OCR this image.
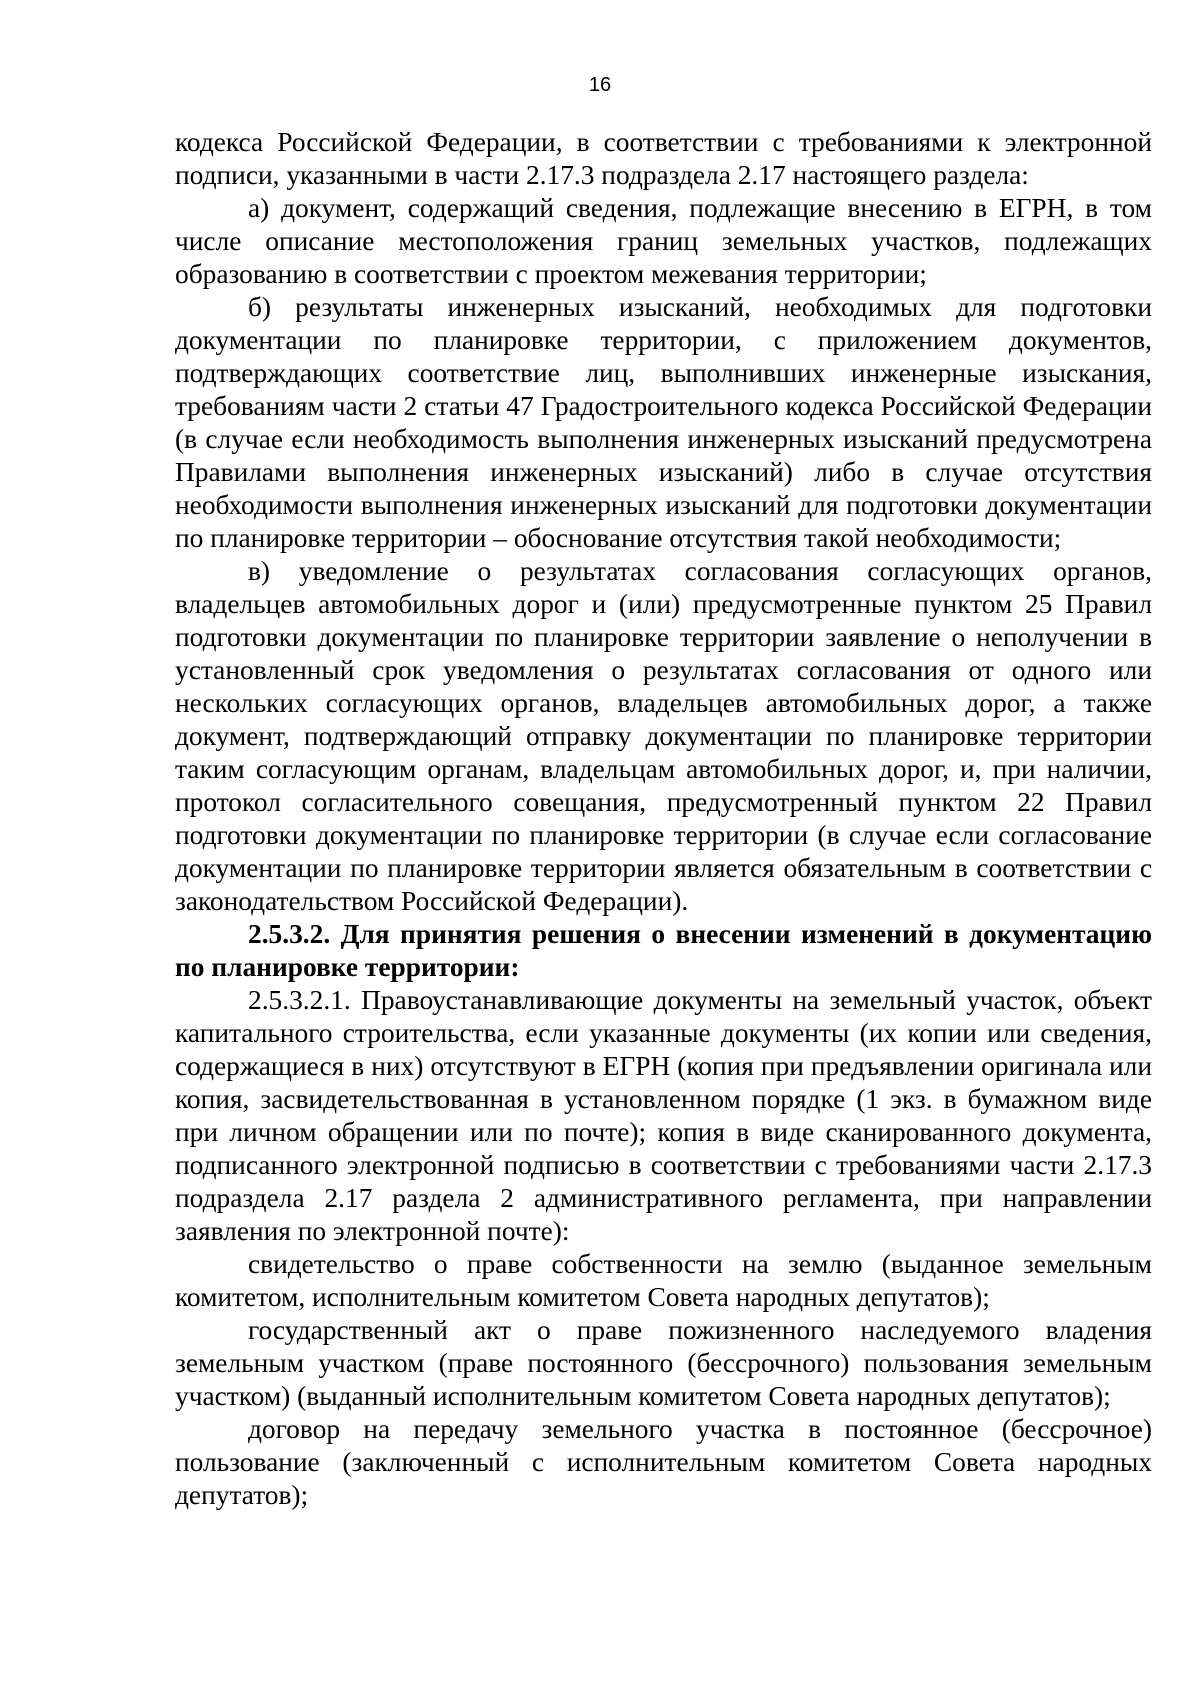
16

кодекса Российской Федерации, в соответствии с требованиями к электронной подписи, указанными в части 2.17.3 подраздела 2.17 настоящего раздела:

а) документ, содержащий сведения, подлежащие внесению в ЕГРН, в том числе описание местоположения границ земельных участков, подлежащих образованию в соответствии с проектом межевания территории;

б) результаты инженерных изысканий, необходимых для подготовки документации по планировке территории, с приложением документов, подтверждающих соответствие лиц, выполнивших инженерные изыскания, требованиям части 2 статьи 47 Градостроительного кодекса Российской Федерации (в случае если необходимость выполнения инженерных изысканий предусмотрена Правилами выполнения инженерных изысканий) либо в случае отсутствия необходимости выполнения инженерных изысканий для подготовки документации по планировке территории – обоснование отсутствия такой необходимости;

в) уведомление о результатах согласования согласующих органов, владельцев автомобильных дорог и (или) предусмотренные пунктом 25 Правил подготовки документации по планировке территории заявление о неполучении в установленный срок уведомления о результатах согласования от одного или нескольких согласующих органов, владельцев автомобильных дорог, а также документ, подтверждающий отправку документации по планировке территории таким согласующим органам, владельцам автомобильных дорог, и, при наличии, протокол согласительного совещания, предусмотренный пунктом 22 Правил подготовки документации по планировке территории (в случае если согласование документации по планировке территории является обязательным в соответствии с законодательством Российской Федерации).

2.5.3.2. Для принятия решения о внесении изменений в документацию по планировке территории:

2.5.3.2.1. Правоустанавливающие документы на земельный участок, объект капитального строительства, если указанные документы (их копии или сведения, содержащиеся в них) отсутствуют в ЕГРН (копия при предъявлении оригинала или копия, засвидетельствованная в установленном порядке (1 экз. в бумажном виде при личном обращении или по почте); копия в виде сканированного документа, подписанного электронной подписью в соответствии с требованиями части 2.17.3 подраздела 2.17 раздела 2 административного регламента, при направлении заявления по электронной почте):

свидетельство о праве собственности на землю (выданное земельным комитетом, исполнительным комитетом Совета народных депутатов);

государственный акт о праве пожизненного наследуемого владения земельным участком (праве постоянного (бессрочного) пользования земельным участком) (выданный исполнительным комитетом Совета народных депутатов);

договор на передачу земельного участка в постоянное (бессрочное) пользование (заключенный с исполнительным комитетом Совета народных депутатов);
